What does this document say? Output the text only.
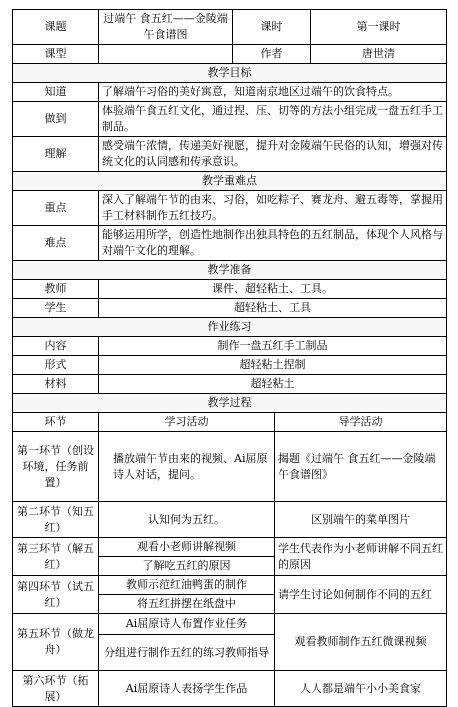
课题	过端午 食五红——金陵端午食谱图	课时		第一课时
课型		作者		唐世清
教学目标				
知道	了解端午习俗的美好寓意，知道南京地区过端午的饮食特点。			
做到	体验端午食五红文化，通过捏、压、切等的方法小组完成一盘五红手工制品。			
理解	感受端午浓情，传递美好视愿，提升对金陵端午民俗的认知，增强对传统文化的认同感和传承意识。			
教学重难点				
重点	深入了解端午节的由来、习俗，如吃粽子、赛龙舟、避五毒等，掌握用手工材料制作五红技巧。			
难点	能够运用所学，创造性地制作出独具特色的五红制品，体现个人风格与对端午文化的理解。			
教学准备				
教师	课件、超轻粘土、工具。			
学生	超轻粘土、工具			
作业练习				
内容	制作一盘五红手工制品			
形式	超轻粘土捏制			
材料	超轻粘土			
教学过程				
环节	学习活动		导学活动	
第一环节（创设环境，任务前置）	播放端午节由来的视频、Ai屈原诗人对话，提问。		揭题《过端午 食五红——金陵端午食谱图》	
第二环节（知五红）	认知何为五红。		区别端午的菜单图片	
第三环节（解五红）	观看小老师讲解视频		学生代表作为小老师讲解不同五红的原因	
	了解吃五红的原因			
第四环节（试五红）	教师示范红油鸭蛋的制作		请学生讨论如何制作不同的五红	
	将五红拼摆在纸盘中			
第五环节（做龙舟）	Ai屈原诗人布置作业任务		观看教师制作五红微课视频	
	分组进行制作五红的练习教师指导			
第六环节（拓展）	Ai屈原诗人表扬学生作品		人人都是端午小小美食家	
